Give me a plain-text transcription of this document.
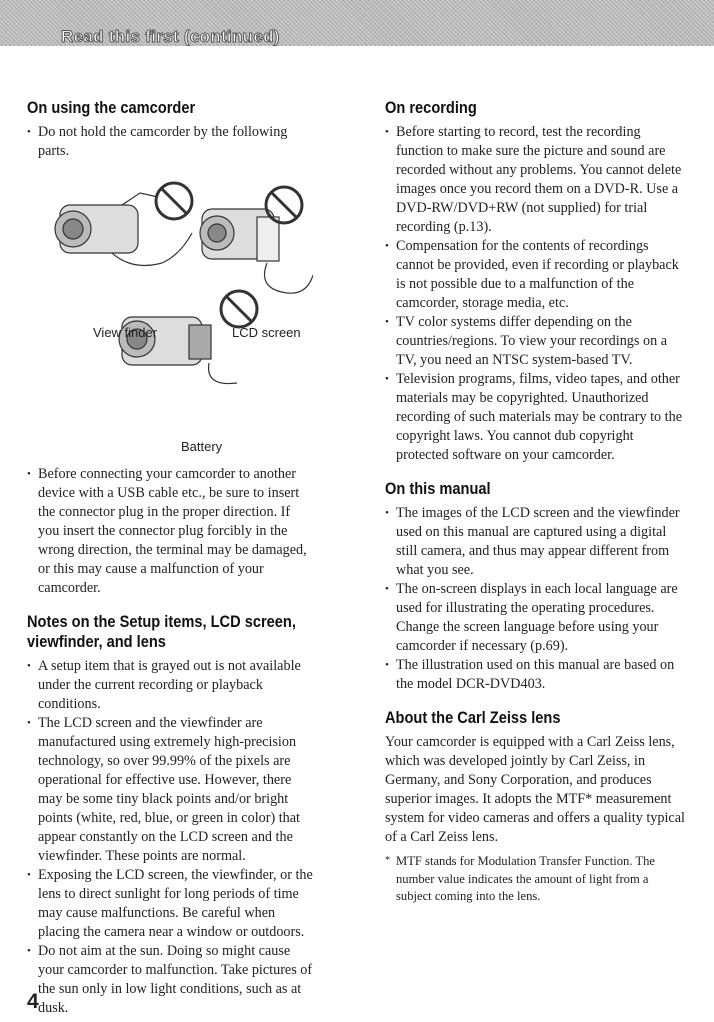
Read this first (continued)
On using the camcorder
• Do not hold the camcorder by the following parts.
View finder	LCD screen
Battery
• Before connecting your camcorder to another device with a USB cable etc., be sure to insert the connector plug in the proper direction. If you insert the connector plug forcibly in the wrong direction, the terminal may be damaged, or this may cause a malfunction of your camcorder.
Notes on the Setup items, LCD screen, viewfinder, and lens
• A setup item that is grayed out is not available under the current recording or playback conditions.
• The LCD screen and the viewfinder are manufactured using extremely high-precision technology, so over 99.99% of the pixels are operational for effective use. However, there may be some tiny black points and/or bright points (white, red, blue, or green in color) that appear constantly on the LCD screen and the viewfinder. These points are normal.
• Exposing the LCD screen, the viewfinder, or the lens to direct sunlight for long periods of time may cause malfunctions. Be careful when placing the camera near a window or outdoors.
• Do not aim at the sun. Doing so might cause your camcorder to malfunction. Take pictures of the sun only in low light conditions, such as at dusk.
On recording
• Before starting to record, test the recording function to make sure the picture and sound are recorded without any problems. You cannot delete images once you record them on a DVD-R. Use a DVD-RW/DVD+RW (not supplied) for trial recording (p.13).
• Compensation for the contents of recordings cannot be provided, even if recording or playback is not possible due to a malfunction of the camcorder, storage media, etc.
• TV color systems differ depending on the countries/regions. To view your recordings on a TV, you need an NTSC system-based TV.
• Television programs, films, video tapes, and other materials may be copyrighted. Unauthorized recording of such materials may be contrary to the copyright laws. You cannot dub copyright protected software on your camcorder.
On this manual
• The images of the LCD screen and the viewfinder used on this manual are captured using a digital still camera, and thus may appear different from what you see.
• The on-screen displays in each local language are used for illustrating the operating procedures. Change the screen language before using your camcorder if necessary (p.69).
• The illustration used on this manual are based on the model DCR-DVD403.
About the Carl Zeiss lens

Your camcorder is equipped with a Carl Zeiss lens, which was developed jointly by Carl Zeiss, in Germany, and Sony Corporation, and produces superior images. It adopts the MTF* measurement system for video cameras and offers a quality typical of a Carl Zeiss lens.

* MTF stands for Modulation Transfer Function. The number value indicates the amount of light from a subject coming into the lens.
4
